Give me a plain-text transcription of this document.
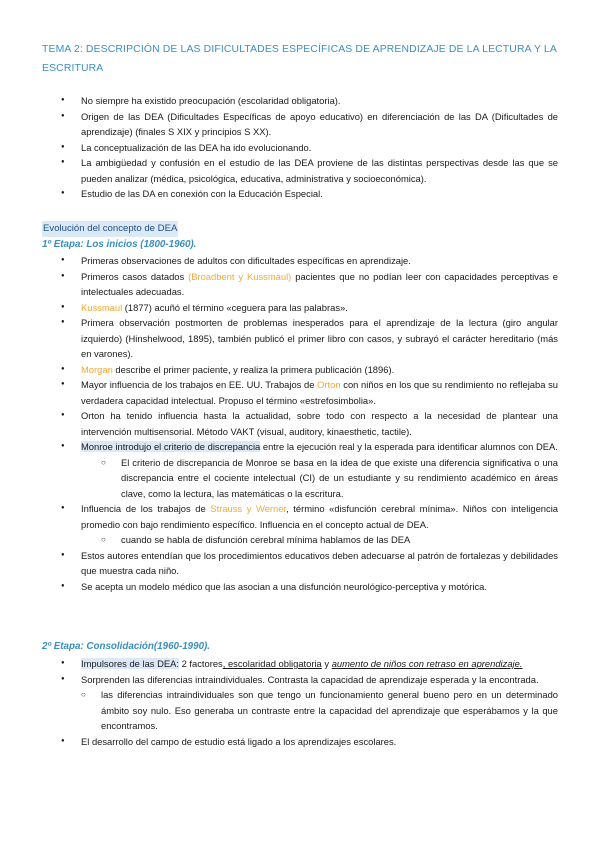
TEMA 2: DESCRIPCIÓN DE LAS DIFICULTADES ESPECÍFICAS DE APRENDIZAJE DE LA LECTURA Y LA ESCRITURA
● No siempre ha existido preocupación (escolaridad obligatoria).
● Origen de las DEA (Dificultades Específicas de apoyo educativo) en diferenciación de las DA (Dificultades de aprendizaje) (finales S XIX y principios S XX).
● La conceptualización de las DEA ha ido evolucionando.
● La ambigüedad y confusión en el estudio de las DEA proviene de las distintas perspectivas desde las que se pueden analizar (médica, psicológica, educativa, administrativa y socioeconómica).
● Estudio de las DA en conexión con la Educación Especial.
Evolución del concepto de DEA
1º Etapa: Los inicios (1800-1960).
● Primeras observaciones de adultos con dificultades específicas en aprendizaje.
● Primeros casos datados (Broadbent y Kussmaul) pacientes que no podían leer con capacidades perceptivas e intelectuales adecuadas.
● Kussmaul (1877) acuñó el término «ceguera para las palabras».
● Primera observación postmorten de problemas inesperados para el aprendizaje de la lectura (giro angular izquierdo) (Hinshelwood, 1895), también publicó el primer libro con casos, y subrayó el carácter hereditario (más en varones).
● Morgan describe el primer paciente, y realiza la primera publicación (1896).
● Mayor influencia de los trabajos en EE. UU. Trabajos de Orton con niños en los que su rendimiento no reflejaba su verdadera capacidad intelectual. Propuso el término «estrefosimbolia».
● Orton ha tenido influencia hasta la actualidad, sobre todo con respecto a la necesidad de plantear una intervención multisensorial. Método VAKT (visual, auditory, kinaesthetic, tactile).
● Monroe introdujo el criterio de discrepancia entre la ejecución real y la esperada para identificar alumnos con DEA.
○ El criterio de discrepancia de Monroe se basa en la idea de que existe una diferencia significativa o una discrepancia entre el cociente intelectual (CI) de un estudiante y su rendimiento académico en áreas clave, como la lectura, las matemáticas o la escritura.
● Influencia de los trabajos de Strauss y Werner, término «disfunción cerebral mínima». Niños con inteligencia promedio con bajo rendimiento específico. Influencia en el concepto actual de DEA.
○ cuando se habla de disfunción cerebral mínima hablamos de las DEA
● Estos autores entendían que los procedimientos educativos deben adecuarse al patrón de fortalezas y debilidades que muestra cada niño.
● Se acepta un modelo médico que las asocian a una disfunción neurológico-perceptiva y motórica.
2º Etapa: Consolidación(1960-1990).
● Impulsores de las DEA: 2 factores, escolaridad obligatoria y aumento de niños con retraso en aprendizaje.
● Sorprenden las diferencias intraindividuales. Contrasta la capacidad de aprendizaje esperada y la encontrada.
○ las diferencias intraindividuales son que tengo un funcionamiento general bueno pero en un determinado ámbito soy nulo. Eso generaba un contraste entre la capacidad del aprendizaje que esperábamos y la que encontramos.
● El desarrollo del campo de estudio está ligado a los aprendizajes escolares.
